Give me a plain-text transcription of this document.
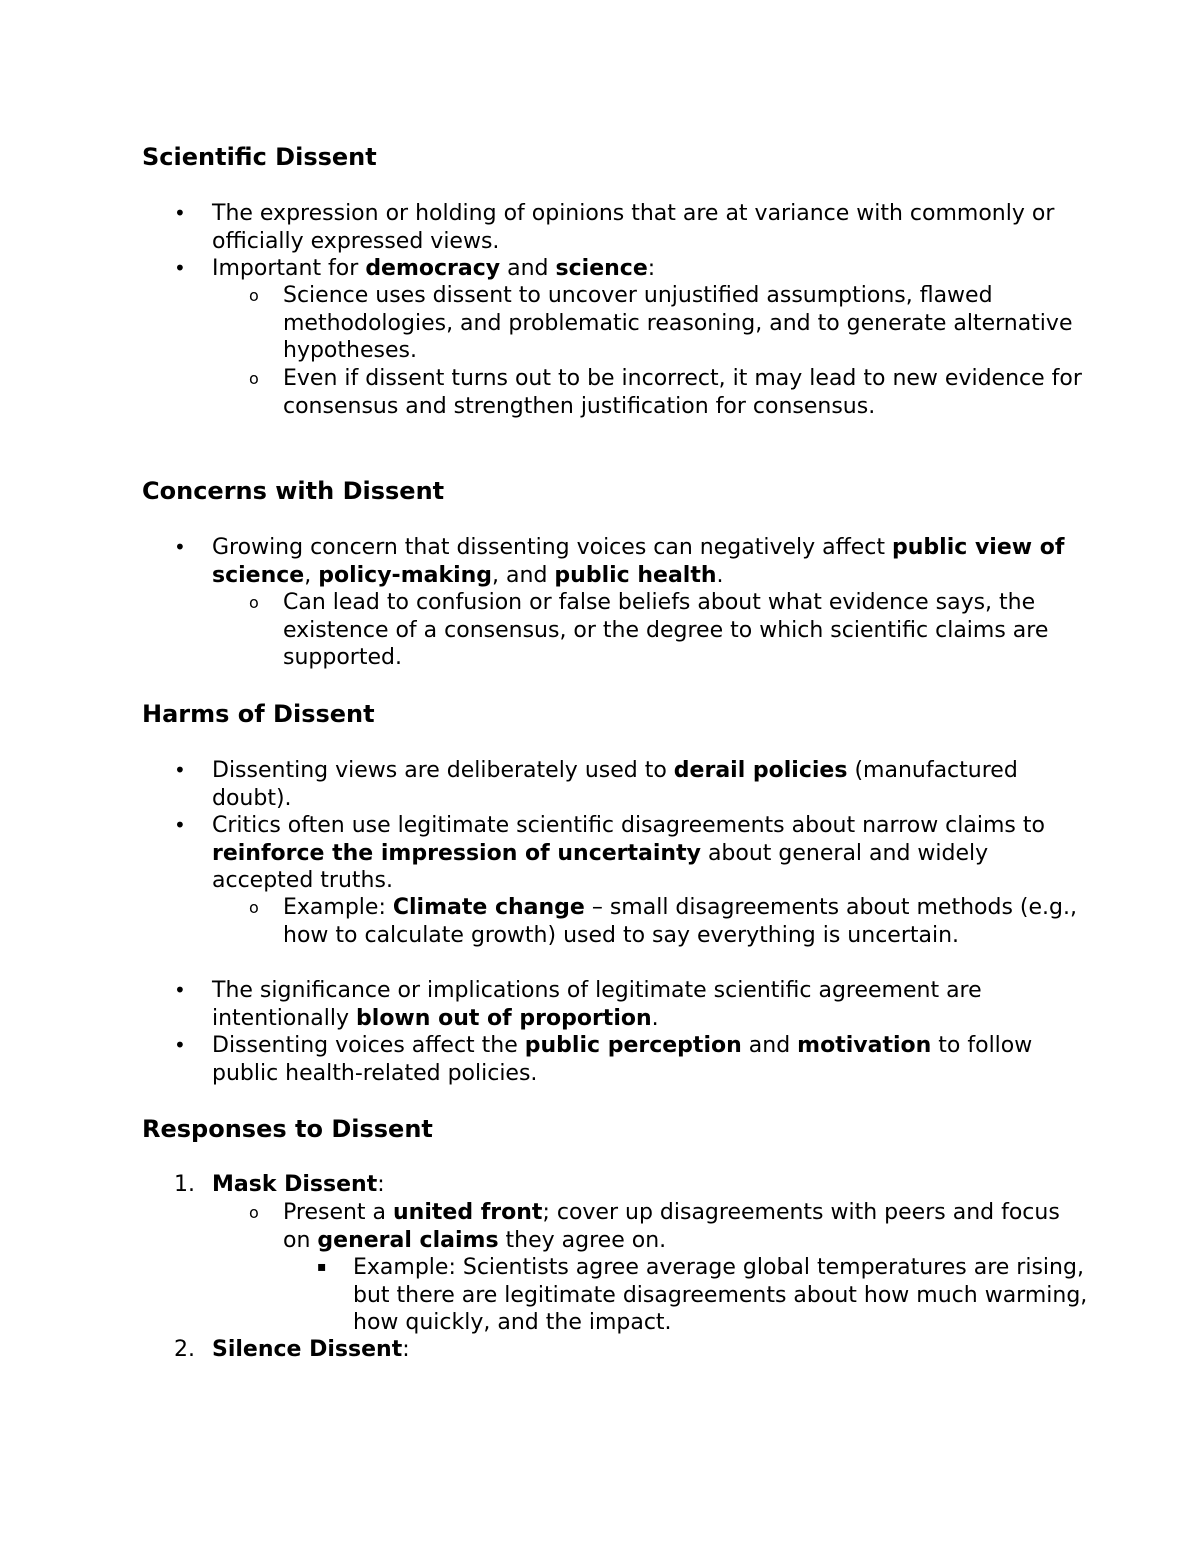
Scientific Dissent

• The expression or holding of opinions that are at variance with commonly or officially expressed views.

• Important for democracy and science:

o Science uses dissent to uncover unjustified assumptions, flawed methodologies, and problematic reasoning, and to generate alternative hypotheses.

o Even if dissent turns out to be incorrect, it may lead to new evidence for consensus and strengthen justification for consensus.

Concerns with Dissent

• Growing concern that dissenting voices can negatively affect public view of science, policy-making, and public health.

o Can lead to confusion or false beliefs about what evidence says, the existence of a consensus, or the degree to which scientific claims are supported.

Harms of Dissent

• Dissenting views are deliberately used to derail policies (manufactured doubt).

• Critics often use legitimate scientific disagreements about narrow claims to reinforce the impression of uncertainty about general and widely accepted truths.

o Example: Climate change – small disagreements about methods (e.g., how to calculate growth) used to say everything is uncertain.

• The significance or implications of legitimate scientific agreement are intentionally blown out of proportion.

• Dissenting voices affect the public perception and motivation to follow public health-related policies.

Responses to Dissent

1. Mask Dissent:

o Present a united front; cover up disagreements with peers and focus on general claims they agree on.

▪ Example: Scientists agree average global temperatures are rising, but there are legitimate disagreements about how much warming, how quickly, and the impact.

2. Silence Dissent:
